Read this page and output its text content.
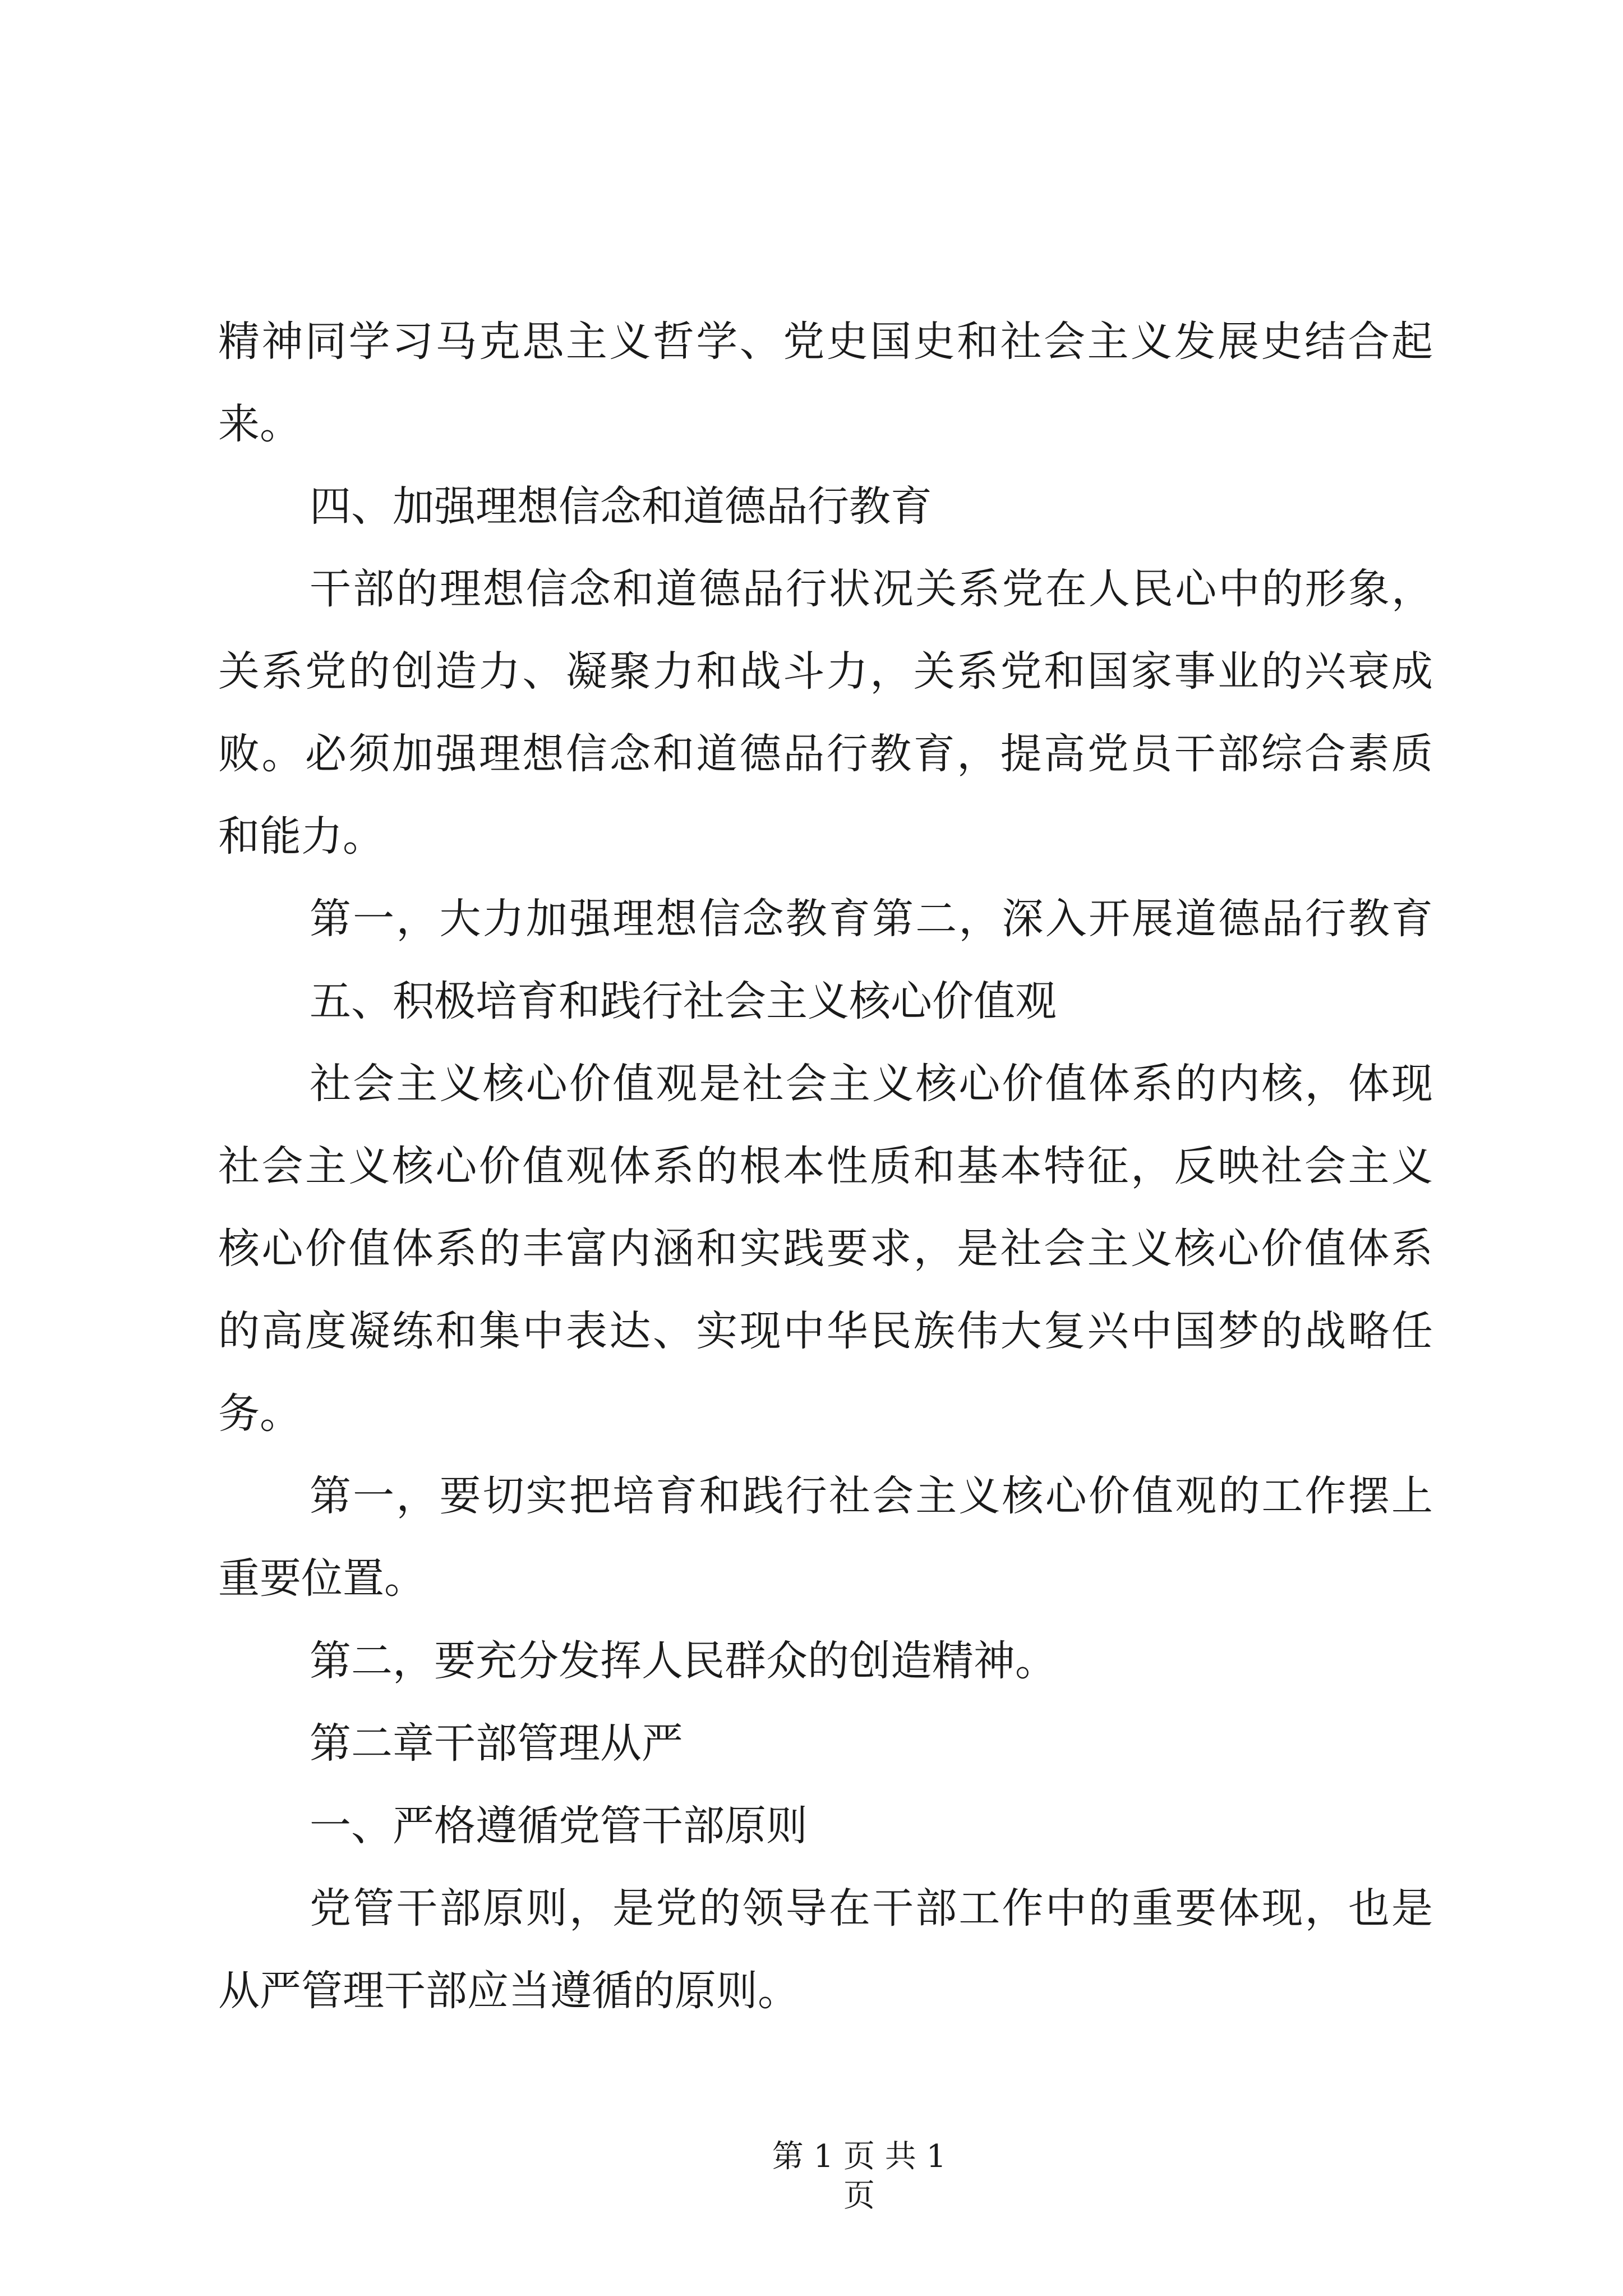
精神同学习马克思主义哲学、党史国史和社会主义发展史结合起
来。
四、加强理想信念和道德品行教育
干部的理想信念和道德品行状况关系党在人民心中的形象，
关系党的创造力、凝聚力和战斗力，关系党和国家事业的兴衰成
败。必须加强理想信念和道德品行教育，提高党员干部综合素质
和能力。
第一，大力加强理想信念教育第二，深入开展道德品行教育
五、积极培育和践行社会主义核心价值观
社会主义核心价值观是社会主义核心价值体系的内核，体现
社会主义核心价值观体系的根本性质和基本特征，反映社会主义
核心价值体系的丰富内涵和实践要求，是社会主义核心价值体系
的高度凝练和集中表达、实现中华民族伟大复兴中国梦的战略任
务。
第一，要切实把培育和践行社会主义核心价值观的工作摆上
重要位置。
第二，要充分发挥人民群众的创造精神。
第二章干部管理从严
一、严格遵循党管干部原则
党管干部原则，是党的领导在干部工作中的重要体现，也是
从严管理干部应当遵循的原则。
第 1 页 共 1 页
